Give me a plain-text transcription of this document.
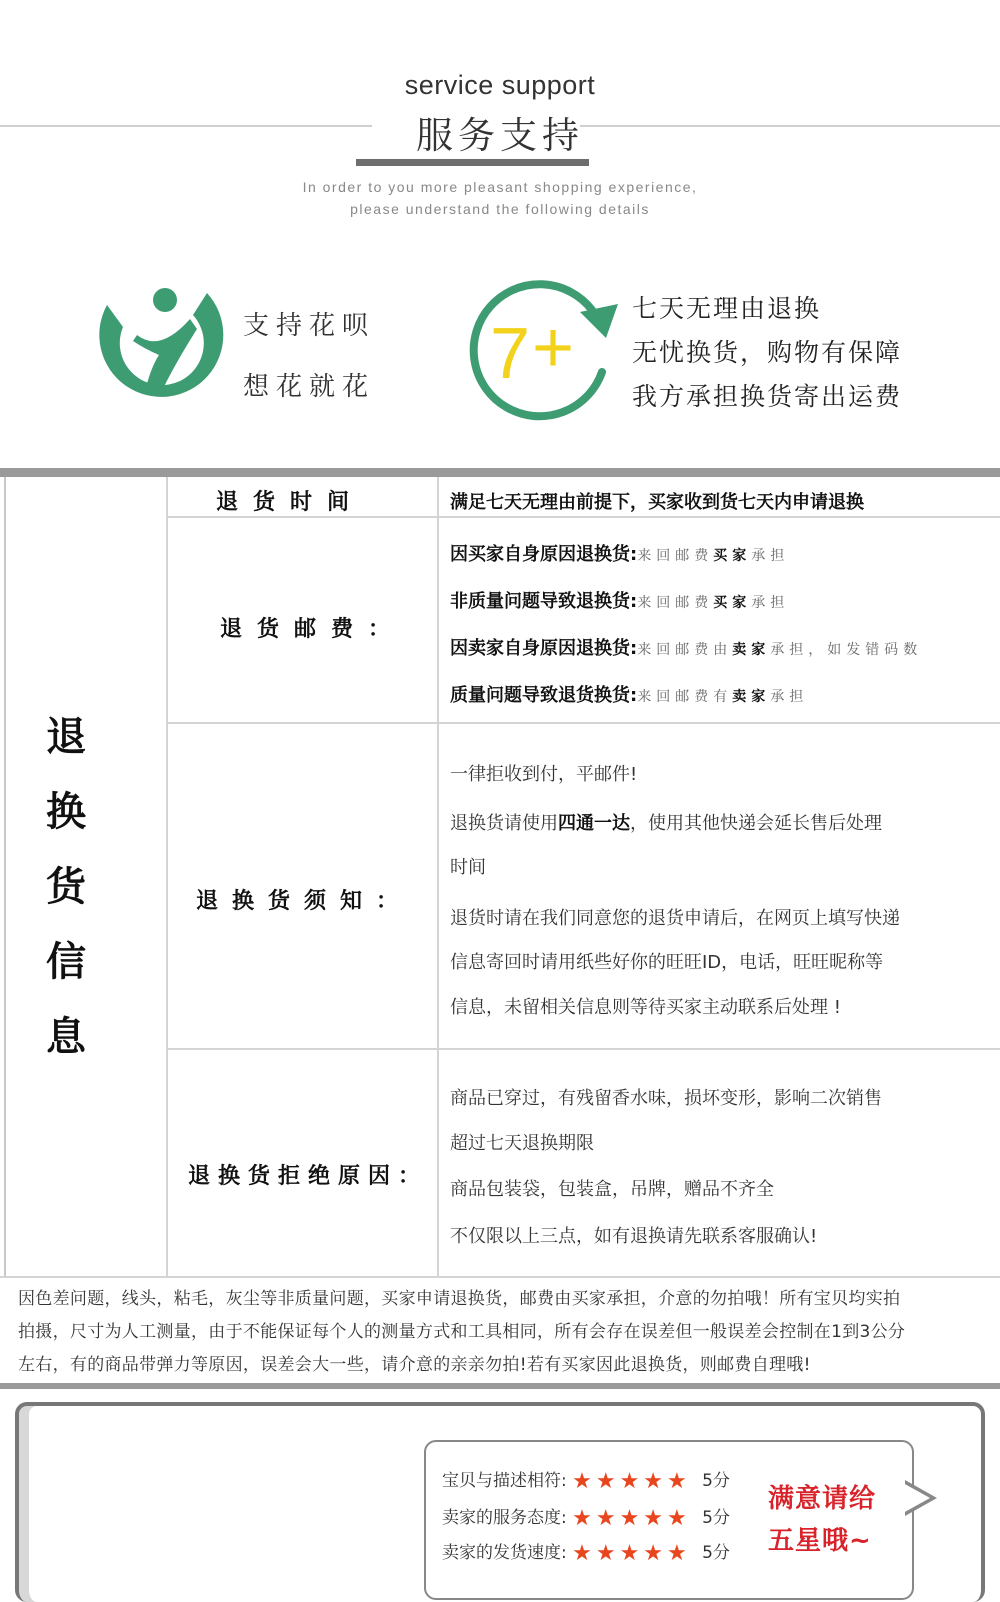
service support
服务支持
In order to you more pleasant shopping experience,
please understand the following details
支持花呗
想花就花 7 + 七天无理由退换
无忧换货，购物有保障
我方承担换货寄出运费
退
换
货
信
息
退货时间	满足七天无理由前提下，买家收到货七天内申请退换
退货邮费：
因买家自身原因退换货:来回邮费买家承担
非质量问题导致退换货:来回邮费买家承担
因卖家自身原因退换货:来回邮费由卖家承担，如发错码数
质量问题导致退货换货:来回邮费有卖家承担
退换货须知：
一律拒收到付，平邮件!
退换货请使用四通一达，使用其他快递会延长售后处理
时间
退货时请在我们同意您的退货申请后，在网页上填写快递
信息寄回时请用纸些好你的旺旺ID，电话，旺旺昵称等
信息，未留相关信息则等待买家主动联系后处理 !
退换货拒绝原因：
商品已穿过，有残留香水味，损坏变形，影响二次销售
超过七天退换期限
商品包装袋，包装盒，吊牌，赠品不齐全
不仅限以上三点，如有退换请先联系客服确认!
因色差问题，线头，粘毛，灰尘等非质量问题，买家申请退换货，邮费由买家承担，介意的勿拍哦！所有宝贝均实拍
拍摄，尺寸为人工测量，由于不能保证每个人的测量方式和工具相同，所有会存在误差但一般误差会控制在1到3公分
左右，有的商品带弹力等原因，误差会大一些，请介意的亲亲勿拍!若有买家因此退换货，则邮费自理哦!
宝贝与描述相符: ★★★★★ 5分
卖家的服务态度: ★★★★★ 5分
卖家的发货速度: ★★★★★ 5分
满意请给
五星哦~
